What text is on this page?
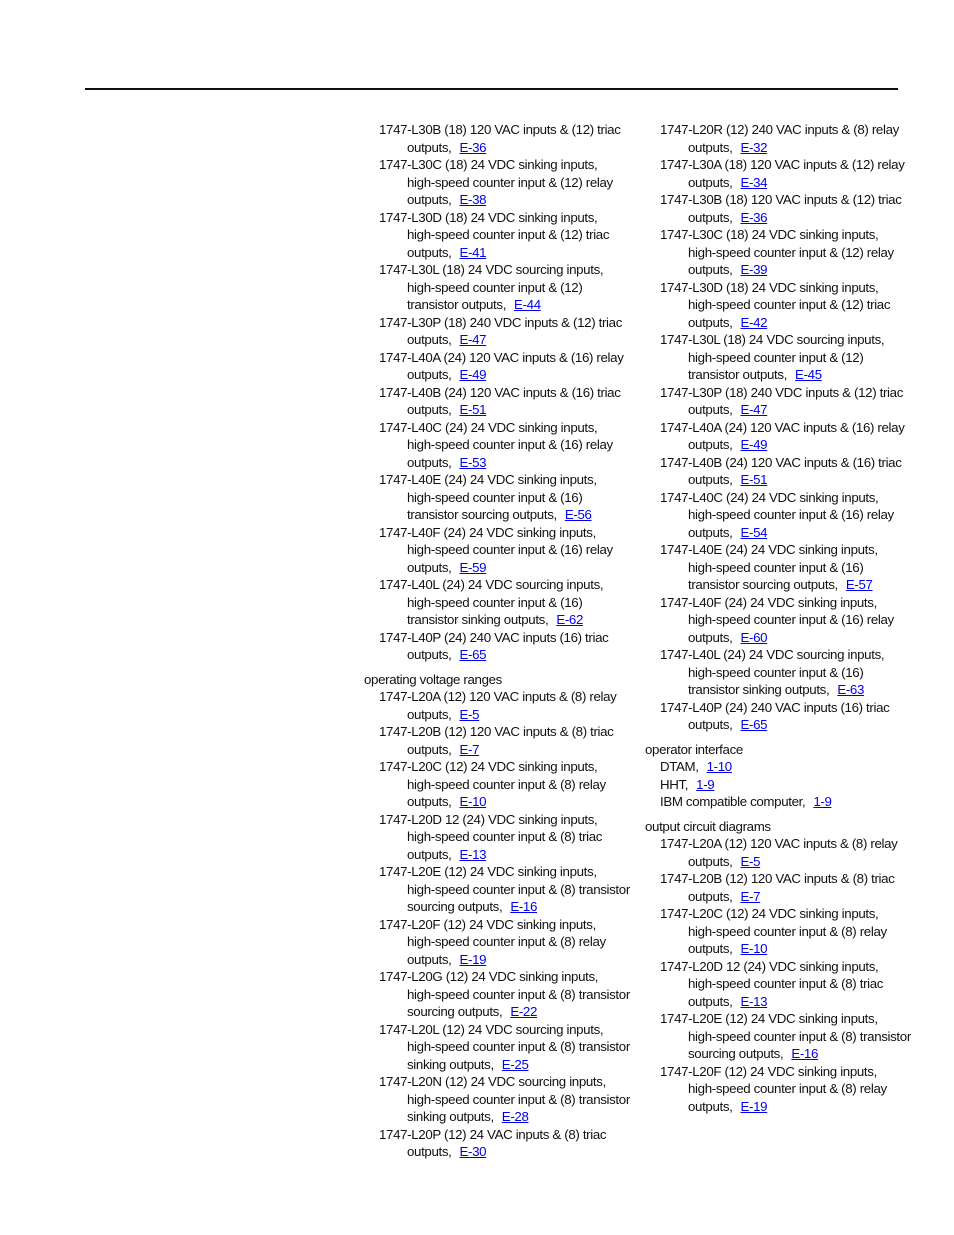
1747‑L30B (18) 120 VAC inputs & (12) triac outputs, E‑36
1747‑L30C (18) 24 VDC sinking inputs, high‑speed counter input & (12) relay outputs, E‑38
1747‑L30D (18) 24 VDC sinking inputs, high‑speed counter input & (12) triac outputs, E‑41
1747‑L30L (18) 24 VDC sourcing inputs, high‑speed counter input & (12) transistor outputs, E‑44
1747‑L30P (18) 240 VDC inputs & (12) triac outputs, E‑47
1747‑L40A (24) 120 VAC inputs & (16) relay outputs, E‑49
1747‑L40B (24) 120 VAC inputs & (16) triac outputs, E‑51
1747‑L40C (24) 24 VDC sinking inputs, high‑speed counter input & (16) relay outputs, E‑53
1747‑L40E (24) 24 VDC sinking inputs, high‑speed counter input & (16) transistor sourcing outputs, E‑56
1747‑L40F (24) 24 VDC sinking inputs, high‑speed counter input & (16) relay outputs, E‑59
1747‑L40L (24) 24 VDC sourcing inputs, high‑speed counter input & (16) transistor sinking outputs, E‑62
1747‑L40P (24) 240 VAC inputs (16) triac outputs, E‑65
operating voltage ranges
1747‑L20A (12) 120 VAC inputs & (8) relay outputs, E‑5
1747‑L20B (12) 120 VAC inputs & (8) triac outputs, E‑7
1747‑L20C (12) 24 VDC sinking inputs, high‑speed counter input & (8) relay outputs, E‑10
1747‑L20D 12 (24) VDC sinking inputs, high‑speed counter input & (8) triac outputs, E‑13
1747‑L20E (12) 24 VDC sinking inputs, high‑speed counter input & (8) transistor sourcing outputs, E‑16
1747‑L20F (12) 24 VDC sinking inputs, high‑speed counter input & (8) relay outputs, E‑19
1747‑L20G (12) 24 VDC sinking inputs, high‑speed counter input & (8) transistor sourcing outputs, E‑22
1747‑L20L (12) 24 VDC sourcing inputs, high‑speed counter input & (8) transistor sinking outputs, E‑25
1747‑L20N (12) 24 VDC sourcing inputs, high‑speed counter input & (8) transistor sinking outputs, E‑28
1747‑L20P (12) 24 VAC inputs & (8) triac outputs, E‑30
1747‑L20R (12) 240 VAC inputs & (8) relay outputs, E‑32
1747‑L30A (18) 120 VAC inputs & (12) relay outputs, E‑34
1747‑L30B (18) 120 VAC inputs & (12) triac outputs, E‑36
1747‑L30C (18) 24 VDC sinking inputs, high‑speed counter input & (12) relay outputs, E‑39
1747‑L30D (18) 24 VDC sinking inputs, high‑speed counter input & (12) triac outputs, E‑42
1747‑L30L (18) 24 VDC sourcing inputs, high‑speed counter input & (12) transistor outputs, E‑45
1747‑L30P (18) 240 VDC inputs & (12) triac outputs, E‑47
1747‑L40A (24) 120 VAC inputs & (16) relay outputs, E‑49
1747‑L40B (24) 120 VAC inputs & (16) triac outputs, E‑51
1747‑L40C (24) 24 VDC sinking inputs, high‑speed counter input & (16) relay outputs, E‑54
1747‑L40E (24) 24 VDC sinking inputs, high‑speed counter input & (16) transistor sourcing outputs, E‑57
1747‑L40F (24) 24 VDC sinking inputs, high‑speed counter input & (16) relay outputs, E‑60
1747‑L40L (24) 24 VDC sourcing inputs, high‑speed counter input & (16) transistor sinking outputs, E‑63
1747‑L40P (24) 240 VAC inputs (16) triac outputs, E‑65
operator interface
DTAM, 1‑10
HHT, 1‑9
IBM compatible computer, 1‑9
output circuit diagrams
1747‑L20A (12) 120 VAC inputs & (8) relay outputs, E‑5
1747‑L20B (12) 120 VAC inputs & (8) triac outputs, E‑7
1747‑L20C (12) 24 VDC sinking inputs, high‑speed counter input & (8) relay outputs, E‑10
1747‑L20D 12 (24) VDC sinking inputs, high‑speed counter input & (8) triac outputs, E‑13
1747‑L20E (12) 24 VDC sinking inputs, high‑speed counter input & (8) transistor sourcing outputs, E‑16
1747‑L20F (12) 24 VDC sinking inputs, high‑speed counter input & (8) relay outputs, E‑19
